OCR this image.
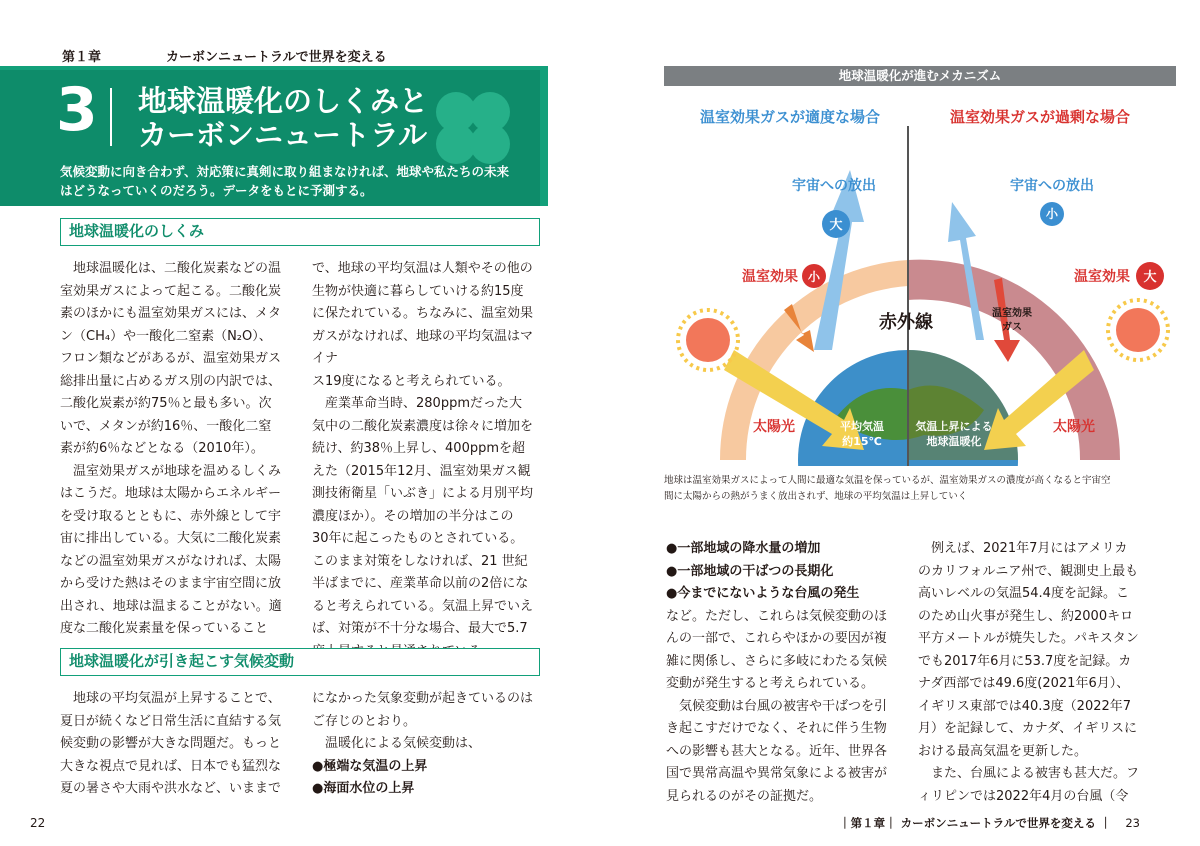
第１章	カーボンニュートラルで世界を変える
3 地球温暖化のしくみと
カーボンニュートラル
気候変動に向き合わず、対応策に真剣に取り組まなければ、地球や私たちの未来
はどうなっていくのだろう。データをもとに予測する。
地球温暖化のしくみ
地球温暖化は、二酸化炭素などの温
室効果ガスによって起こる。二酸化炭
素のほかにも温室効果ガスには、メタ
ン（CH₄）や一酸化二窒素（N₂O）、
フロン類などがあるが、温室効果ガス
総排出量に占めるガス別の内訳では、
二酸化炭素が約75％と最も多い。次
いで、メタンが約16％、一酸化二窒
素が約6％などとなる（2010年）。
温室効果ガスが地球を温めるしくみ
はこうだ。地球は太陽からエネルギー
を受け取るとともに、赤外線として宇
宙に排出している。大気に二酸化炭素
などの温室効果ガスがなければ、太陽
から受けた熱はそのまま宇宙空間に放
出され、地球は温まることがない。適
度な二酸化炭素量を保っていること
で、地球の平均気温は人類やその他の
生物が快適に暮らしていける約15度
に保たれている。ちなみに、温室効果
ガスがなければ、地球の平均気温はマイナ
ス19度になると考えられている。
産業革命当時、280ppmだった大
気中の二酸化炭素濃度は徐々に増加を
続け、約38％上昇し、400ppmを超
えた（2015年12月、温室効果ガス観
測技術衛星「いぶき」による月別平均
濃度ほか）。その増加の半分はこの
30年に起こったものとされている。
このまま対策をしなければ、21 世紀
半ばまでに、産業革命以前の2倍にな
ると考えられている。気温上昇でいえ
ば、対策が不十分な場合、最大で5.7
地球温暖化が引き起こす気候変動
地球の平均気温が上昇することで、
夏日が続くなど日常生活に直結する気
候変動の影響が大きな問題だ。もっと
大きな視点で見れば、日本でも猛烈な
夏の暑さや大雨や洪水など、いままで
になかった気象変動が起きているのは
ご存じのとおり。
温暖化による気候変動は、
●極端な気温の上昇
●海面水位の上昇
22
地球温暖化が進むメカニズム
温室効果ガスが適度な場合	温室効果ガスが過剰な場合
宇宙への放出	宇宙への放出
大
小
温室効果	温室効果
小	大
赤外線	温室効果
ガス
太陽光	太陽光
平均気温
約15℃
気温上昇による
地球温暖化
地球は温室効果ガスによって人間に最適な気温を保っているが、温室効果ガスの濃度が高くなると宇宙空
間に太陽からの熱がうまく放出されず、地球の平均気温は上昇していく
●一部地域の降水量の増加
●一部地域の干ばつの長期化
●今までにないような台風の発生
など。ただし、これらは気候変動のほ
んの一部で、これらやほかの要因が複
雑に関係し、さらに多岐にわたる気候
変動が発生すると考えられている。
気候変動は台風の被害や干ばつを引
き起こすだけでなく、それに伴う生物
への影響も甚大となる。近年、世界各
国で異常高温や異常気象による被害が
見られるのがその証拠だ。
例えば、2021年7月にはアメリカ
のカリフォルニア州で、観測史上最も
高いレベルの気温54.4度を記録。こ
のため山火事が発生し、約2000キロ
平方メートルが焼失した。パキスタン
でも2017年6月に53.7度を記録。カ
ナダ西部では49.6度(2021年6月）、
イギリス東部では40.3度（2022年7
月）を記録して、カナダ、イギリスに
おける最高気温を更新した。
また、台風による被害も甚大だ。フ
ィリピンでは2022年4月の台風（令
｜第１章｜ カーボンニュートラルで世界を変える ｜ 23
